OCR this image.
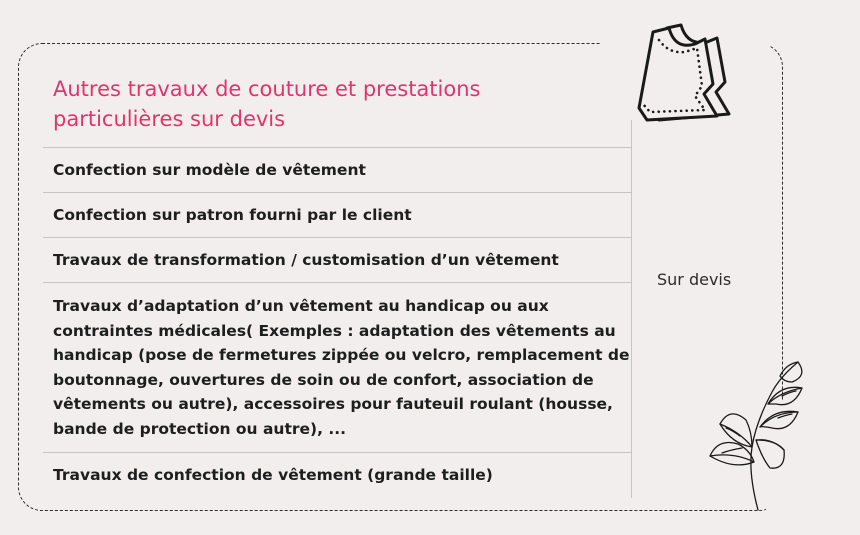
Autres travaux de couture et prestations particulières sur devis
Confection sur modèle de vêtement
Confection sur patron fourni par le client
Travaux de transformation / customisation d’un vêtement
Travaux d’adaptation d’un vêtement au handicap ou aux contraintes médicales( Exemples : adaptation des vêtements au handicap (pose de fermetures zippée ou velcro, remplacement de boutonnage, ouvertures de soin ou de confort, association de vêtements ou autre), accessoires pour fauteuil roulant (housse, bande de protection ou autre), ...
Travaux de confection de vêtement (grande taille)
Sur devis
